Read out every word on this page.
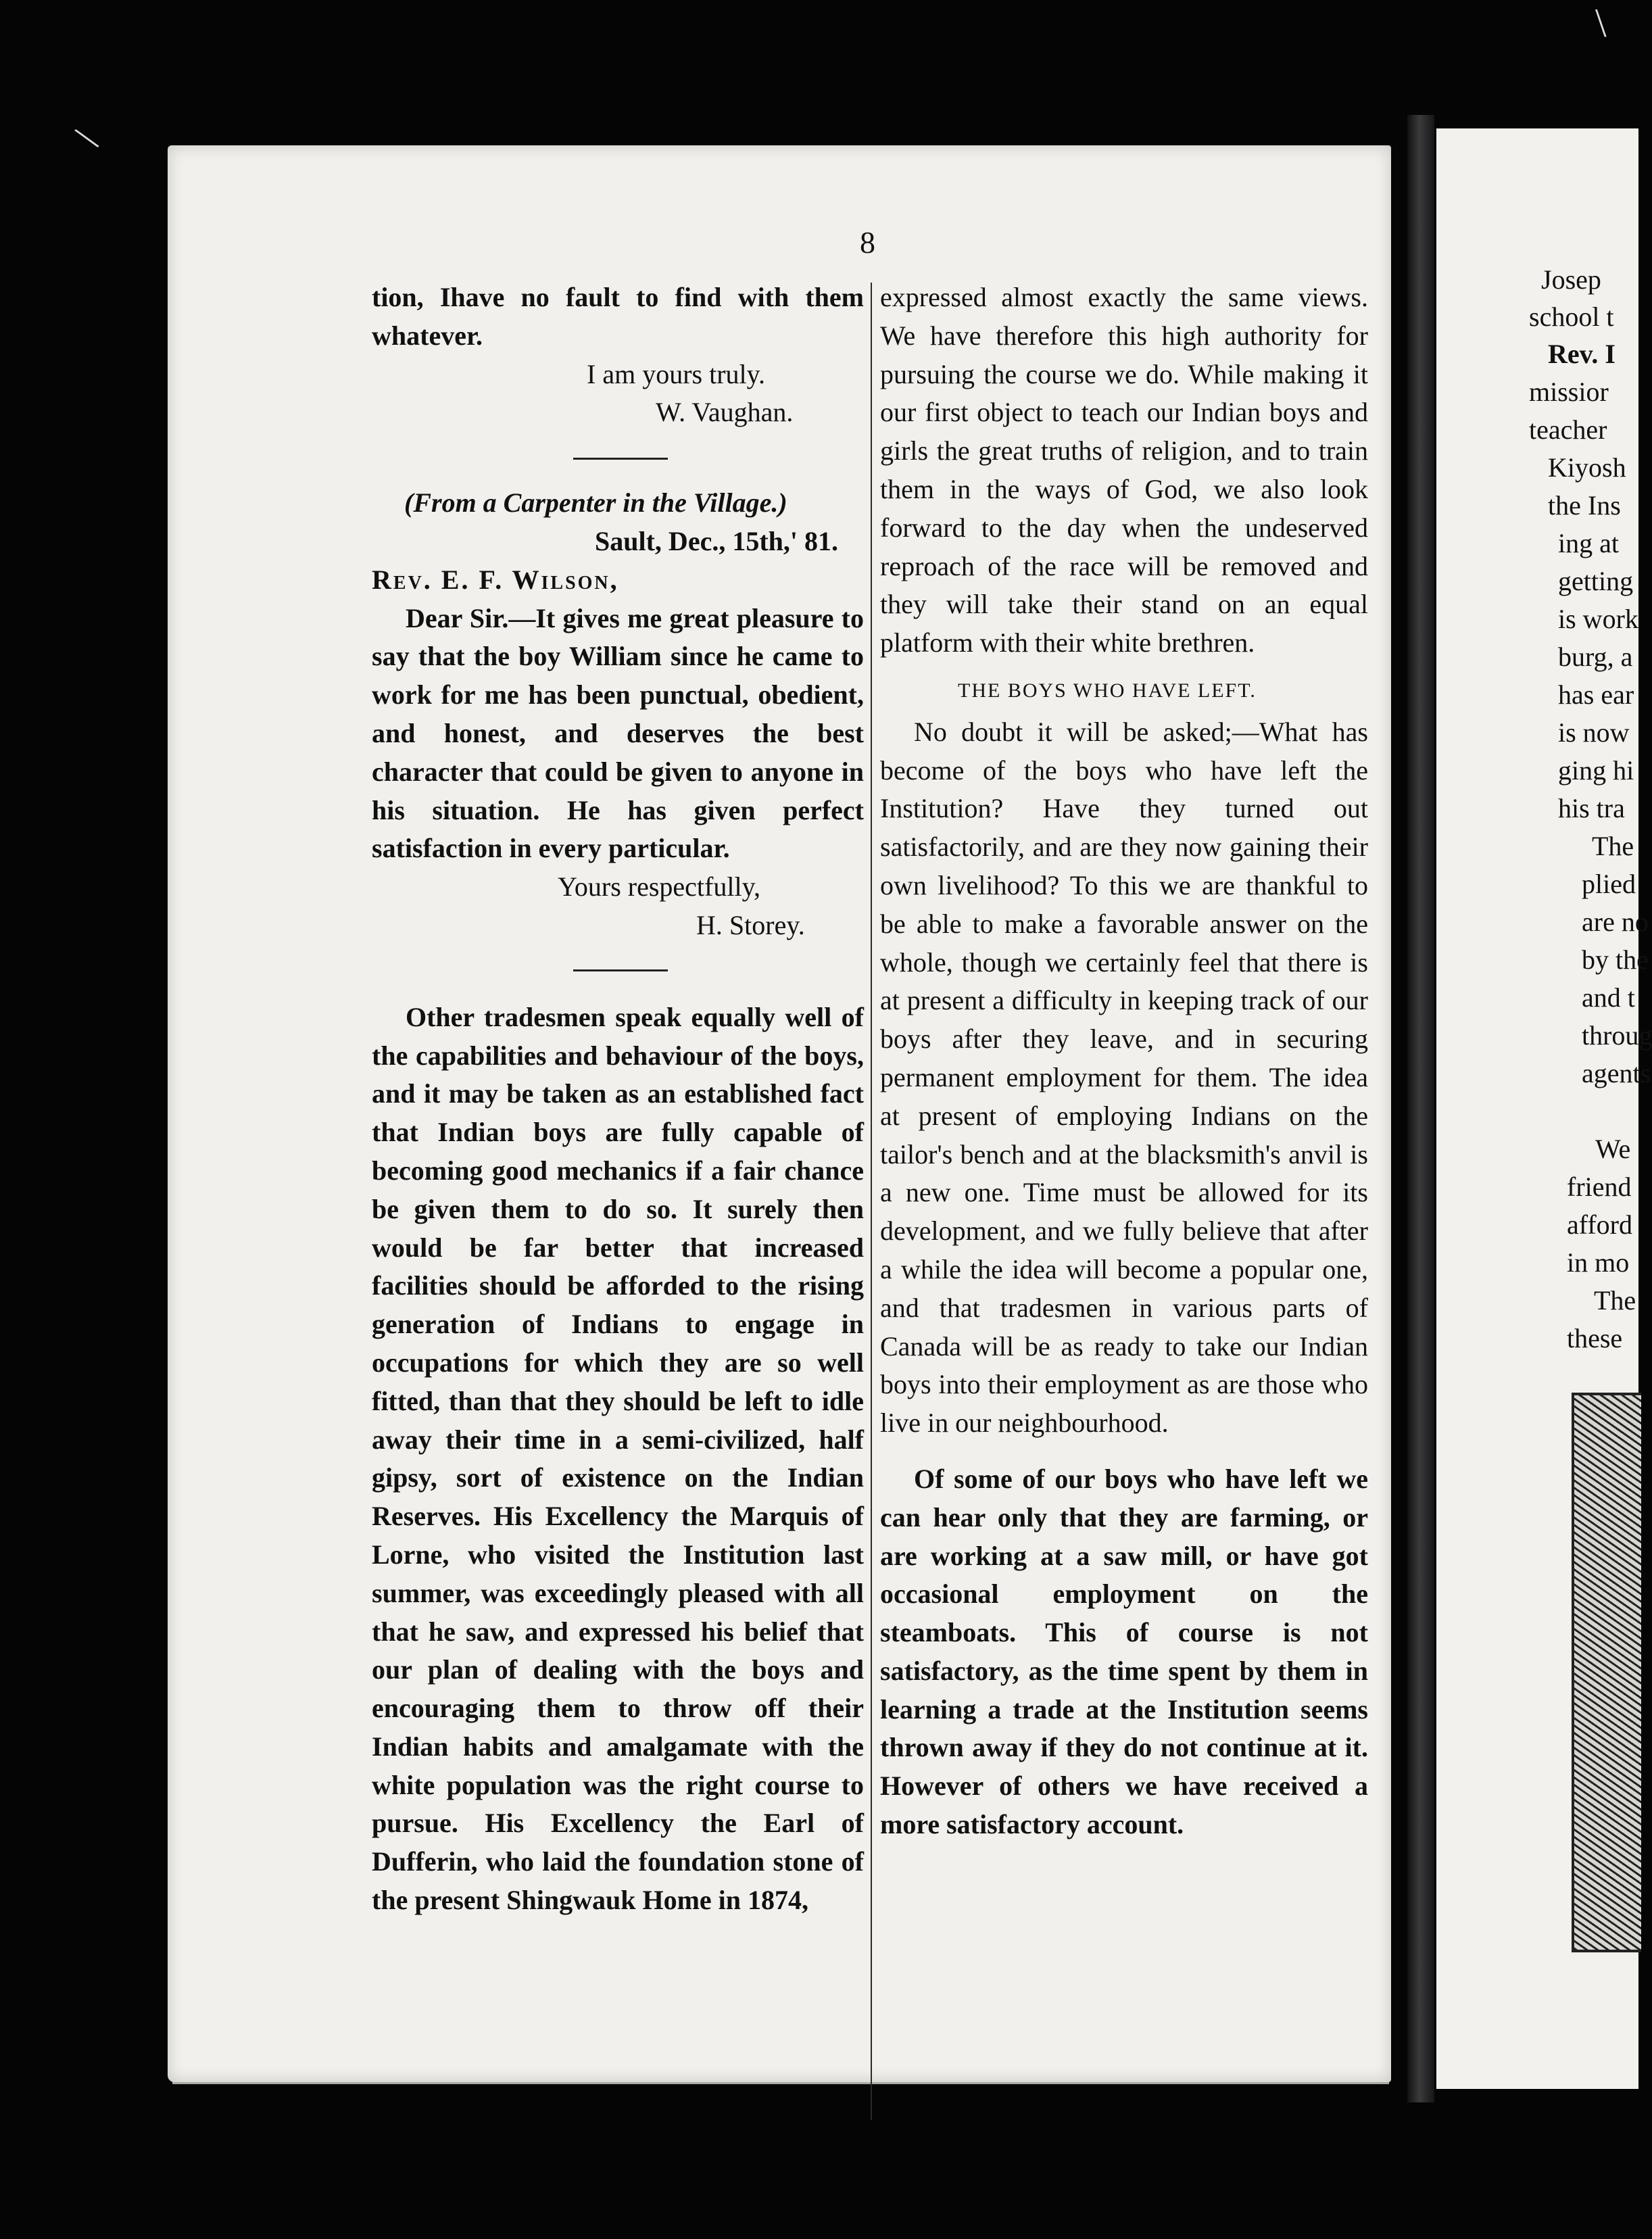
Josep
school t
Rev. I
missior
teacher
Kiyosh
the Ins
ing at
getting
is work
burg, a
has ear
is now
ging hi
his tra
The
plied
are no
by the
and t
throug
agents
We
friend
afford
in mo
The
these
\
\
8

tion, Ihave no fault to find with them whatever.

I am yours truly.

W. Vaughan.

(From a Carpenter in the Village.)

Sault, Dec., 15th,' 81.

Rev. E. F. Wilson,

Dear Sir.—It gives me great pleasure to say that the boy William since he came to work for me has been punctual, obedient, and honest, and deserves the best character that could be given to anyone in his situation. He has given perfect satisfaction in every particular.

Yours respectfully,

H. Storey.

Other tradesmen speak equally well of the capabilities and behaviour of the boys, and it may be taken as an established fact that Indian boys are fully capable of becoming good mechanics if a fair chance be given them to do so. It surely then would be far better that increased facilities should be afforded to the rising generation of Indians to engage in occupations for which they are so well fitted, than that they should be left to idle away their time in a semi-civilized, half gipsy, sort of existence on the Indian Reserves. His Excellency the Marquis of Lorne, who visited the Institution last summer, was exceedingly pleased with all that he saw, and expressed his belief that our plan of dealing with the boys and encouraging them to throw off their Indian habits and amalgamate with the white population was the right course to pursue. His Excellency the Earl of Dufferin, who laid the foundation stone of the present Shingwauk Home in 1874,

expressed almost exactly the same views. We have therefore this high authority for pursuing the course we do. While making it our first object to teach our Indian boys and girls the great truths of religion, and to train them in the ways of God, we also look forward to the day when the undeserved reproach of the race will be removed and they will take their stand on an equal platform with their white brethren.

THE BOYS WHO HAVE LEFT.

No doubt it will be asked;—What has become of the boys who have left the Institution? Have they turned out satisfactorily, and are they now gaining their own livelihood? To this we are thankful to be able to make a favorable answer on the whole, though we certainly feel that there is at present a difficulty in keeping track of our boys after they leave, and in securing permanent employment for them. The idea at present of employing Indians on the tailor's bench and at the blacksmith's anvil is a new one. Time must be allowed for its development, and we fully believe that after a while the idea will become a popular one, and that tradesmen in various parts of Canada will be as ready to take our Indian boys into their employment as are those who live in our neighbourhood.

Of some of our boys who have left we can hear only that they are farming, or are working at a saw mill, or have got occasional employment on the steamboats. This of course is not satisfactory, as the time spent by them in learning a trade at the Institution seems thrown away if they do not continue at it. However of others we have received a more satisfactory account.
